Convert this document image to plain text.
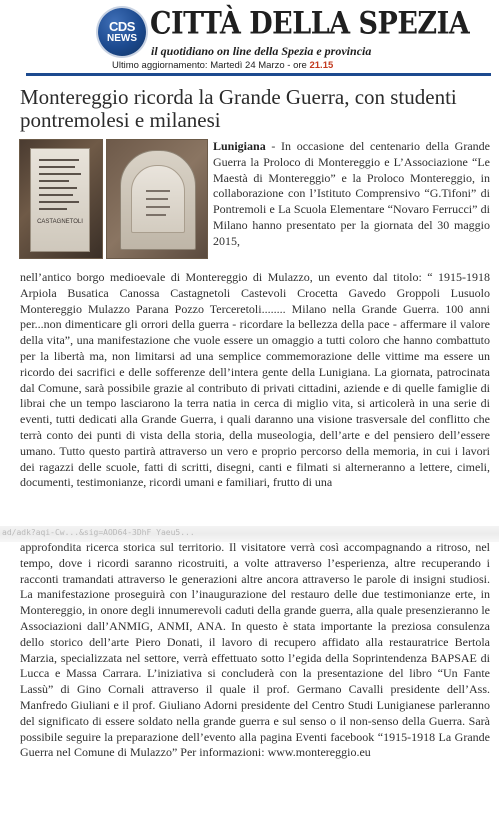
CDS
NEWS CITTÀ DELLA SPEZIA
il quotidiano on line della Spezia e provincia
Ultimo aggiornamento: Martedì 24 Marzo - ore 21.15
Montereggio ricorda la Grande Guerra, con studenti pontremolesi e milanesi
CASTAGNETOLI

Lunigiana - In occasione del centenario della Grande Guerra la Proloco di Montereggio e L’Associazione “Le Maestà di Montereggio” e la Proloco Montereggio, in collaborazione con l’Istituto Comprensivo “G.Tifoni” di Pontremoli e La Scuola Elementare “Novaro Ferrucci” di Milano hanno presentato per la giornata del 30 maggio 2015,

nell’antico borgo medioevale di Montereggio di Mulazzo, un evento dal titolo: “ 1915-1918 Arpiola Busatica Canossa Castagnetoli Castevoli Crocetta Gavedo Groppoli Lusuolo Montereggio Mulazzo Parana Pozzo Terceretoli........ Milano nella Grande Guerra. 100 anni per...non dimenticare gli orrori della guerra - ricordare la bellezza della pace - affermare il valore della vita”, una manifestazione che vuole essere un omaggio a tutti coloro che hanno combattuto per la libertà ma, non limitarsi ad una semplice commemorazione delle vittime ma essere un ricordo dei sacrifici e delle sofferenze dell’intera gente della Lunigiana. La giornata, patrocinata dal Comune, sarà possibile grazie al contributo di privati cittadini, aziende e di quelle famiglie di librai che un tempo lasciarono la terra natia in cerca di miglio vita, si articolerà in una serie di eventi, tutti dedicati alla Grande Guerra, i quali daranno una visione trasversale del conflitto che terrà conto dei punti di vista della storia, della museologia, dell’arte e del pensiero dell’essere umano. Tutto questo partirà attraverso un vero e proprio percorso della memoria, in cui i lavori dei ragazzi delle scuole, fatti di scritti, disegni, canti e filmati si alterneranno a lettere, cimeli, documenti, testimonianze, ricordi umani e familiari, frutto di una

ad/adk?aqi-Cw...&sig=AOD64-3DhF Yaeu5...

approfondita ricerca storica sul territorio. Il visitatore verrà così accompagnando a ritroso, nel tempo, dove i ricordi saranno ricostruiti, a volte attraverso l’esperienza, altre recuperando i racconti tramandati attraverso le generazioni altre ancora attraverso le parole di insigni studiosi. La manifestazione proseguirà con l’inaugurazione del restauro delle due testimonianze erte, in Montereggio, in onore degli innumerevoli caduti della grande guerra, alla quale presenzieranno le Associazioni dall’ANMIG, ANMI, ANA. In questo è stata importante la preziosa consulenza dello storico dell’arte Piero Donati, il lavoro di recupero affidato alla restauratrice Bertola Marzia, specializzata nel settore, verrà effettuato sotto l’egida della Soprintendenza BAPSAE di Lucca e Massa Carrara. L’iniziativa si concluderà con la presentazione del libro “Un Fante Lassù” di Gino Cornali attraverso il quale il prof. Germano Cavalli presidente dell’Ass. Manfredo Giuliani e il prof. Giuliano Adorni presidente del Centro Studi Lunigianese parleranno del significato di essere soldato nella grande guerra e sul senso o il non-senso della Guerra. Sarà possibile seguire la preparazione dell’evento alla pagina Eventi facebook “1915-1918 La Grande Guerra nel Comune di Mulazzo” Per informazioni: www.montereggio.eu
